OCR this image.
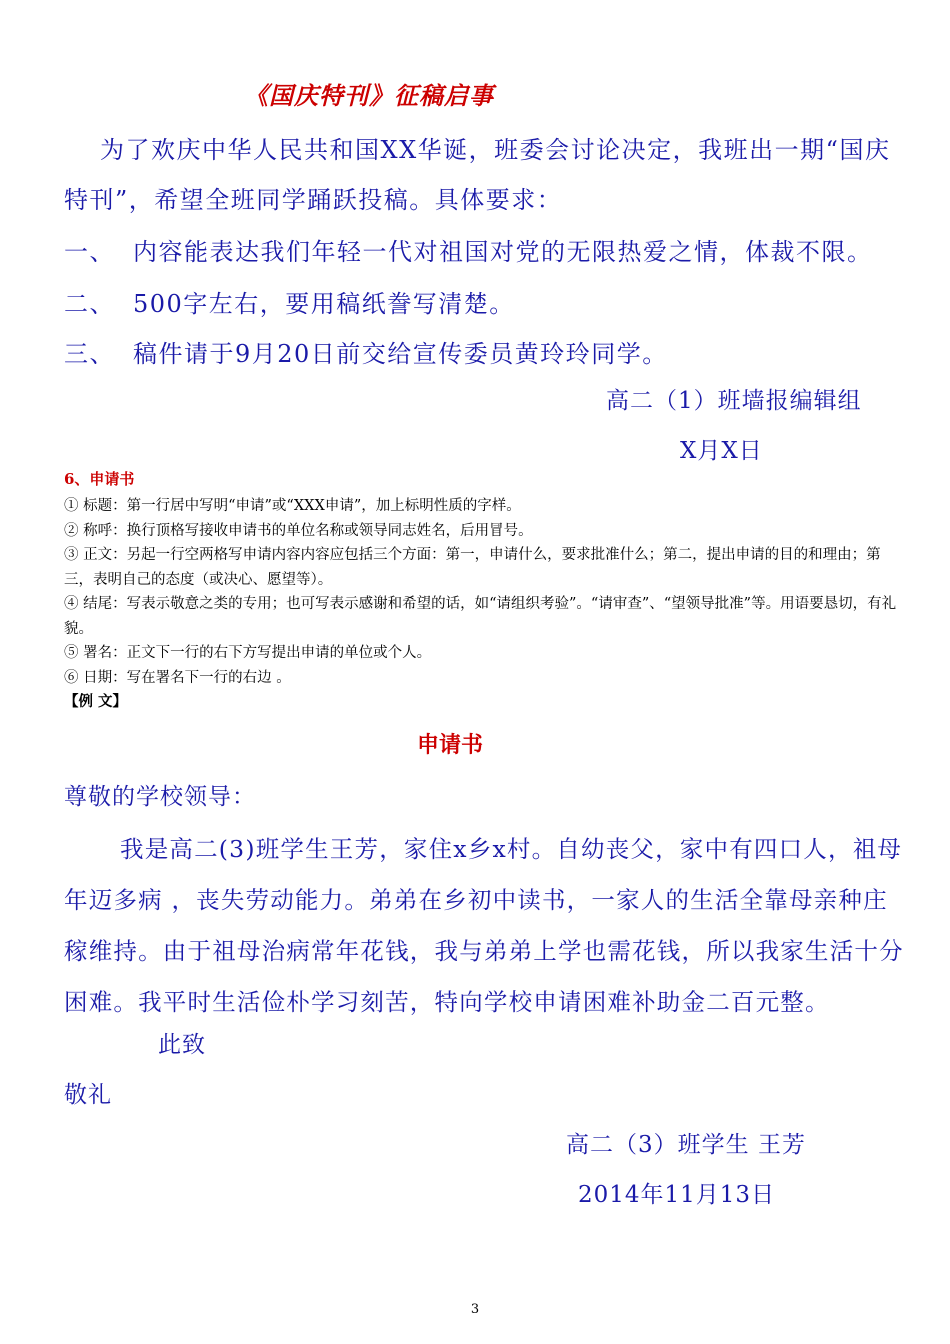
《国庆特刊》征稿启事
为了欢庆中华人民共和国XX华诞，班委会讨论决定，我班出一期“国庆
特刊”，希望全班同学踊跃投稿。具体要求：
一、 内容能表达我们年轻一代对祖国对党的无限热爱之情，体裁不限。
二、 500字左右，要用稿纸誊写清楚。
三、 稿件请于9月20日前交给宣传委员黄玲玲同学。
高二（1）班墙报编辑组
X月X日
6、申请书
① 标题：第一行居中写明“申请”或“XXX申请”，加上标明性质的字样。
② 称呼：换行顶格写接收申请书的单位名称或领导同志姓名，后用冒号。
③ 正文：另起一行空两格写申请内容内容应包括三个方面：第一，申请什么，要求批准什么；第二，提出申请的目的和理由；第三，表明自己的态度（或决心、愿望等）。
④ 结尾：写表示敬意之类的专用；也可写表示感谢和希望的话，如“请组织考验”。“请审查”、“望领导批准”等。用语要恳切，有礼貌。
⑤ 署名：正文下一行的右下方写提出申请的单位或个人。
⑥ 日期：写在署名下一行的右边 。
【例 文】
申请书
尊敬的学校领导：
我是高二(3)班学生王芳，家住x乡x村。自幼丧父，家中有四口人，祖母年迈多病 ，丧失劳动能力。弟弟在乡初中读书，一家人的生活全靠母亲种庄稼维持。由于祖母治病常年花钱，我与弟弟上学也需花钱，所以我家生活十分困难。我平时生活俭朴学习刻苦，特向学校申请困难补助金二百元整。
此致
敬礼
高二（3）班学生 王芳
2014年11月13日
3
